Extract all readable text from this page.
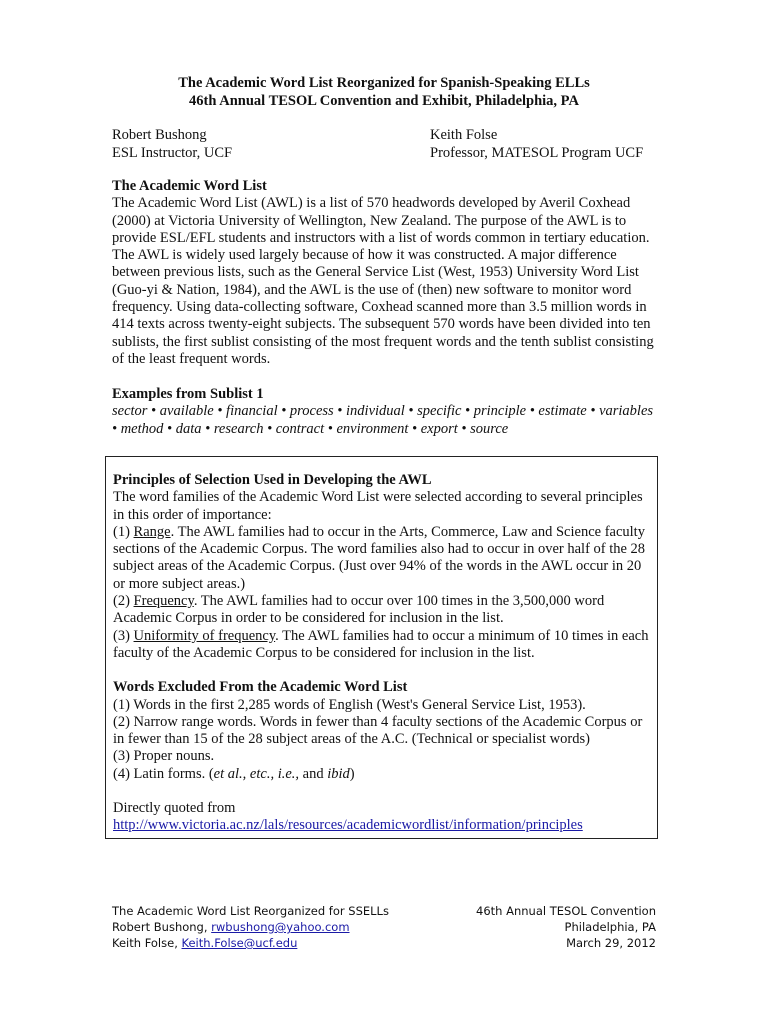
The Academic Word List Reorganized for Spanish-Speaking ELLs
46th Annual TESOL Convention and Exhibit, Philadelphia, PA
Robert Bushong
ESL Instructor, UCF
Keith Folse
Professor, MATESOL Program UCF
The Academic Word List

The Academic Word List (AWL) is a list of 570 headwords developed by Averil Coxhead (2000) at Victoria University of Wellington, New Zealand. The purpose of the AWL is to provide ESL/EFL students and instructors with a list of words common in tertiary education. The AWL is widely used largely because of how it was constructed. A major difference between previous lists, such as the General Service List (West, 1953) University Word List (Guo-yi & Nation, 1984), and the AWL is the use of (then) new software to monitor word frequency. Using data-collecting software, Coxhead scanned more than 3.5 million words in 414 texts across twenty-eight subjects. The subsequent 570 words have been divided into ten sublists, the first sublist consisting of the most frequent words and the tenth sublist consisting of the least frequent words.

Examples from Sublist 1

sector • available • financial • process • individual • specific • principle • estimate • variables • method • data • research • contract • environment • export • source

Principles of Selection Used in Developing the AWL

The word families of the Academic Word List were selected according to several principles in this order of importance:

(1) Range. The AWL families had to occur in the Arts, Commerce, Law and Science faculty sections of the Academic Corpus. The word families also had to occur in over half of the 28 subject areas of the Academic Corpus. (Just over 94% of the words in the AWL occur in 20 or more subject areas.)

(2) Frequency. The AWL families had to occur over 100 times in the 3,500,000 word Academic Corpus in order to be considered for inclusion in the list.

(3) Uniformity of frequency. The AWL families had to occur a minimum of 10 times in each faculty of the Academic Corpus to be considered for inclusion in the list.

Words Excluded From the Academic Word List

(1) Words in the first 2,285 words of English (West's General Service List, 1953).

(2) Narrow range words. Words in fewer than 4 faculty sections of the Academic Corpus or in fewer than 15 of the 28 subject areas of the A.C. (Technical or specialist words)

(3) Proper nouns.

(4) Latin forms. (et al., etc., i.e., and ibid)

Directly quoted from

http://www.victoria.ac.nz/lals/resources/academicwordlist/information/principles

The Academic Word List Reorganized for SSELLs
Robert Bushong, rwbushong@yahoo.com
Keith Folse, Keith.Folse@ucf.edu
46th Annual TESOL Convention
Philadelphia, PA
March 29, 2012
